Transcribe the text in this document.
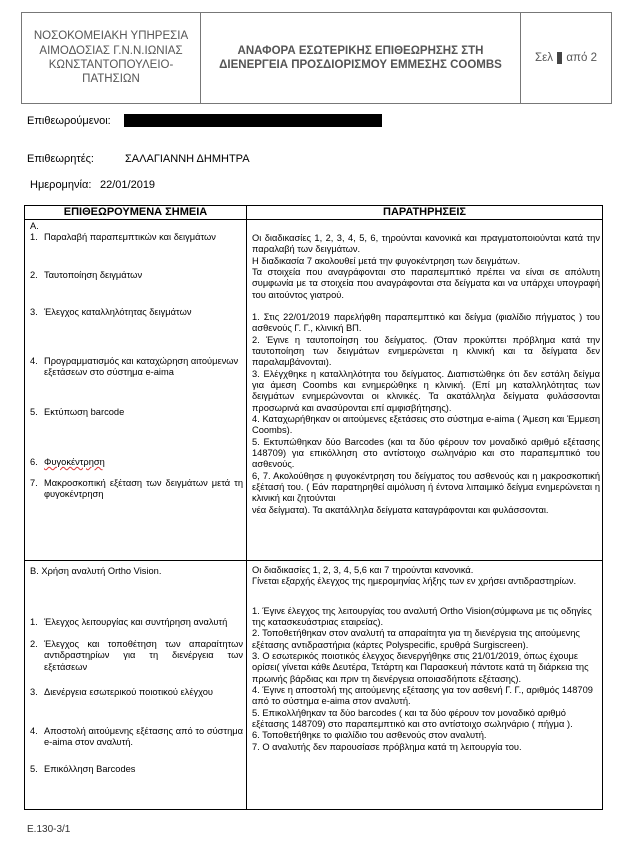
ΝΟΣΟΚΟΜΕΙΑΚΗ ΥΠΗΡΕΣΙΑ ΑΙΜΟΔΟΣΙΑΣ Γ.Ν.Ν.ΙΩΝΙΑΣ ΚΩΝΣΤΑΝΤΟΠΟΥΛΕΙΟ-ΠΑΤΗΣΙΩΝ
ΑΝΑΦΟΡΑ ΕΣΩΤΕΡΙΚΗΣ ΕΠΙΘΕΩΡΗΣΗΣ ΣΤΗ ΔΙΕΝΕΡΓΕΙΑ ΠΡΟΣΔΙΟΡΙΣΜΟΥ ΕΜΜΕΣΗΣ COOMBS
Σελ

από 2
Επιθεωρούμενοι:
Επιθεωρητές:	ΣΑΛΑΓΙΑΝΝΗ ΔΗΜΗΤΡΑ
Ημερομηνία: 22/01/2019
ΕΠΙΘΕΩΡΟΥΜΕΝΑ ΣΗΜΕΙΑ	ΠΑΡΑΤΗΡΗΣΕΙΣ
Α.
1. Παραλαβή παραπεμπτικών και δειγμάτων
2. Ταυτοποίηση δειγμάτων
3. Έλεγχος καταλληλότητας δειγμάτων
4. Προγραμματισμός και καταχώρηση αιτούμενων εξετάσεων στο σύστημα e-aima
5. Εκτύπωση barcode
6. Φυγοκέντρηση
7. Μακροσκοπική εξέταση των δειγμάτων μετά τη φυγοκέντρηση

Οι διαδικασίες 1, 2, 3, 4, 5, 6, τηρούνται κανονικά και πραγματοποιούνται κατά την παραλαβή των δειγμάτων.

Η διαδικασία 7 ακολουθεί μετά την φυγοκέντρηση των δειγμάτων.

Τα στοιχεία που αναγράφονται στο παραπεμπτικό πρέπει να είναι σε απόλυτη συμφωνία με τα στοιχεία που αναγράφονται στα δείγματα και να υπάρχει υπογραφή του αιτούντος γιατρού.

1. Στις 22/01/2019 παρελήφθη παραπεμπτικό και δείγμα (φιαλίδιο πήγματος ) του ασθενούς Γ. Γ., κλινική ΒΠ.

2. Έγινε η ταυτοποίηση του δείγματος. (Όταν προκύπτει πρόβλημα κατά την ταυτοποίηση των δειγμάτων ενημερώνεται η κλινική και τα δείγματα δεν παραλαμβάνονται).

3. Ελέγχθηκε η καταλληλότητα του δείγματος. Διαπιστώθηκε ότι δεν εστάλη δείγμα για άμεση Coombs και ενημερώθηκε η κλινική. (Επί μη καταλληλότητας των δειγμάτων ενημερώνονται οι κλινικές. Τα ακατάλληλα δείγματα φυλάσσονται προσωρινά και ανασύρονται επί αμφισβήτησης).

4. Καταχωρήθηκαν οι αιτούμενες εξετάσεις στο σύστημα e-aima ( Άμεση και Έμμεση Coombs).

5. Εκτυπώθηκαν δύο Barcodes (και τα δύο φέρουν τον μοναδικό αριθμό εξέτασης 148709) για επικόλληση στο αντίστοιχο σωληνάριο και στο παραπεμπτικό του ασθενούς.

6, 7. Ακολούθησε η φυγοκέντρηση του δείγματος του ασθενούς και η μακροσκοπική εξέτασή του. ( Εάν παρατηρηθεί αιμόλυση ή έντονα λιπαιμικό δείγμα ενημερώνεται η κλινική και ζητούνται

νέα δείγματα). Τα ακατάλληλα δείγματα καταγράφονται και φυλάσσονται.

Β. Χρήση αναλυτή Ortho Vision.
1. Έλεγχος λειτουργίας και συντήρηση αναλυτή
2. Έλεγχος και τοποθέτηση των απαραίτητων αντιδραστηρίων για τη διενέργεια των εξετάσεων
3. Διενέργεια εσωτερικού ποιοτικού ελέγχου
4. Αποστολή αιτούμενης εξέτασης από το σύστημα e-aima στον αναλυτή.
5. Επικόλληση Barcodes

Οι διαδικασίες 1, 2, 3, 4, 5,6 και 7 τηρούνται κανονικά.

Γίνεται εξαρχής έλεγχος της ημερομηνίας λήξης των εν χρήσει αντιδραστηρίων.

1. Έγινε έλεγχος της λειτουργίας του αναλυτή Ortho Vision(σύμφωνα με τις οδηγίες της κατασκευάστριας εταιρείας).

2. Τοποθετήθηκαν στον αναλυτή τα απαραίτητα για τη διενέργεια της αιτούμενης εξέτασης αντιδραστήρια (κάρτες Polyspecific, ερυθρά Surgiscreen).

3. Ο εσωτερικός ποιοτικός έλεγχος διενεργήθηκε στις 21/01/2019, όπως έχουμε ορίσει( γίνεται κάθε Δευτέρα, Τετάρτη και Παρασκευή πάντοτε κατά τη διάρκεια της πρωινής βάρδιας και πριν τη διενέργεια οποιασδήποτε εξέτασης).

4. Έγινε η αποστολή της αιτούμενης εξέτασης για τον ασθενή Γ. Γ., αριθμός 148709 από το σύστημα e-aima στον αναλυτή.

5. Επικολλήθηκαν τα δύο barcodes ( και τα δύο φέρουν τον μοναδικό αριθμό εξέτασης 148709) στο παραπεμπτικό και στο αντίστοιχο σωληνάριο ( πήγμα ).

6. Τοποθετήθηκε το φιαλίδιο του ασθενούς στον αναλυτή.

7. Ο αναλυτής δεν παρουσίασε πρόβλημα κατά τη λειτουργία του.

Ε.130-3/1
